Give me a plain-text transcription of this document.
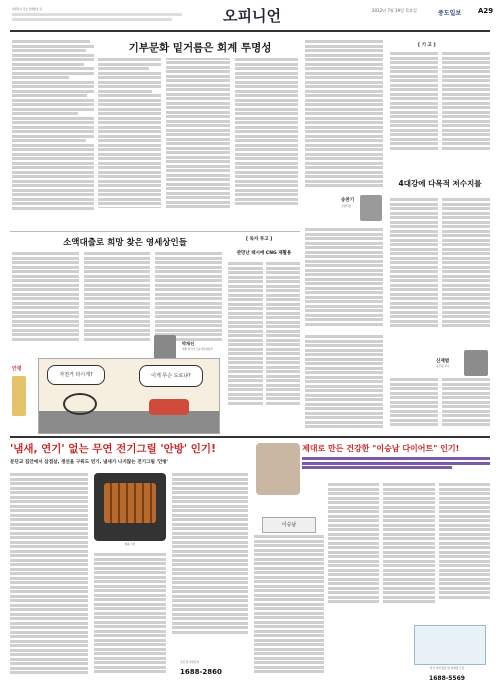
대전본사 주소·전화번호 등	오피니언	2012년 7월 19일 목요일	중도일보 A29
기부문화 밑거름은 회계 투명성
송찬기
소방서장
[ 기 고 ]
4대강에 다목적 저수지를
신재범
공주대 교수
소액대출로 희망 찾은 영세상인들	[ 독자 투고 ]
관망난 택시에 CNG 재활용
박재선
재선 한국가스공사사업본부
만평
자전거 타시게?	이게 무슨 도로냐?
'냄새, 연기' 없는 무연 전기그릴 '안방' 인기!
문단교 집안에서 삼겹살, 생선을 구워도 연기, 냄새가 나지않는 전기그릴 '안방'
제품 사진
구입 및 상담문의
1688-2860
제대로 만든 건강한 "이승남 다이어트" 인기!
이승남
전국 지역 총판 및 판매점 모집
1688-5569
